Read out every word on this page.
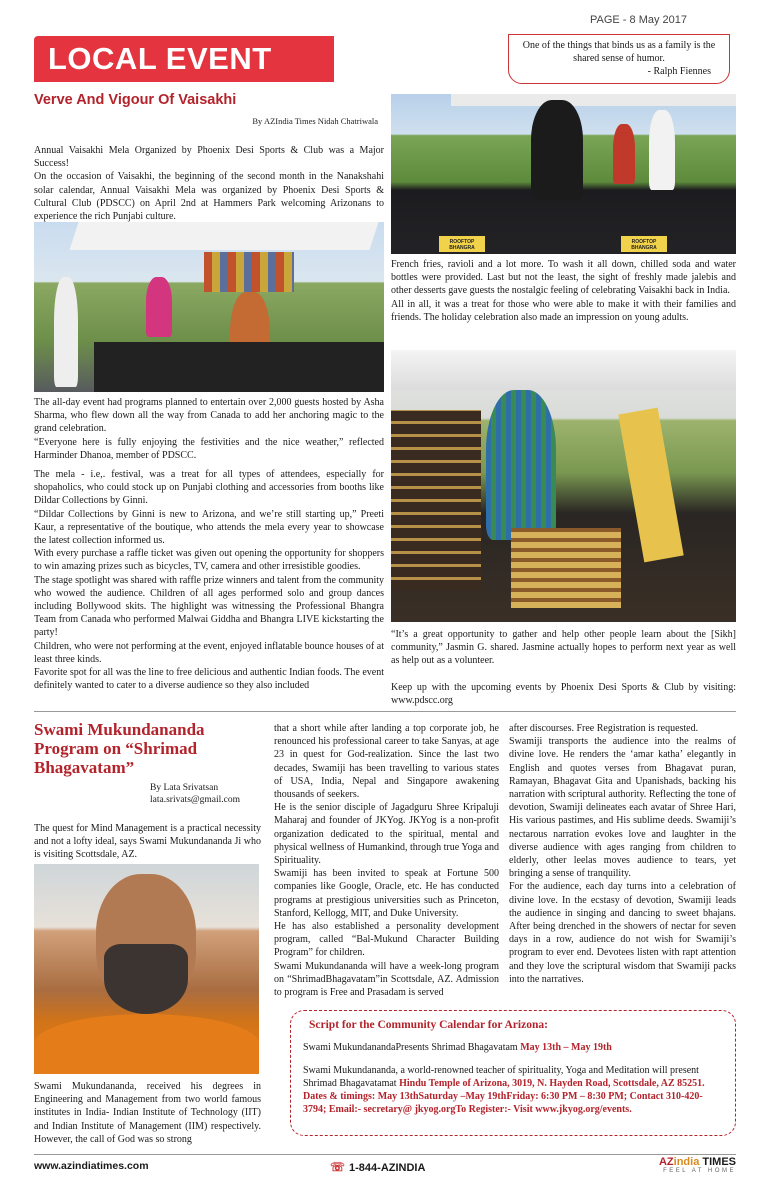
PAGE - 8 May 2017
LOCAL EVENT	One of the things that binds us as a family is the shared sense of humor.
- Ralph Fiennes
Verve And Vigour Of Vaisakhi
By AZIndia Times Nidah Chatriwala

Annual Vaisakhi Mela Organized by Phoenix Desi Sports & Club was a Major Success!

On the occasion of Vaisakhi, the beginning of the second month in the Nanakshahi solar calendar, Annual Vaisakhi Mela was organized by Phoenix Desi Sports & Cultural Club (PDSCC) on April 2nd at Hammers Park welcoming Arizonans to experience the rich Punjabi culture.

The all-day event had programs planned to entertain over 2,000 guests hosted by Asha Sharma, who flew down all the way from Canada to add her anchoring magic to the grand celebration.

“Everyone here is fully enjoying the festivities and the nice weather,” reflected Harminder Dhanoa, member of PDSCC.

The mela - i.e,. festival, was a treat for all types of attendees, especially for shopaholics, who could stock up on Punjabi clothing and accessories from booths like Dildar Collections by Ginni.

“Dildar Collections by Ginni is new to Arizona, and we’re still starting up,” Preeti Kaur, a representative of the boutique, who attends the mela every year to showcase the latest collection informed us.

With every purchase a raffle ticket was given out opening the opportunity for shoppers to win amazing prizes such as bicycles, TV, camera and other irresistible goodies.

The stage spotlight was shared with raffle prize winners and talent from the community who wowed the audience. Children of all ages performed solo and group dances including Bollywood skits. The highlight was witnessing the Professional Bhangra Team from Canada who performed Malwai Giddha and Bhangra LIVE kickstarting the party!

Children, who were not performing at the event, enjoyed inflatable bounce houses of at least three kinds.

Favorite spot for all was the line to free delicious and authentic Indian foods. The event definitely wanted to cater to a diverse audience so they also included

ROOFTOP BHANGRA
ROOFTOP BHANGRA

French fries, ravioli and a lot more. To wash it all down, chilled soda and water bottles were provided. Last but not the least, the sight of freshly made jalebis and other desserts gave guests the nostalgic feeling of celebrating Vaisakhi back in India.

All in all, it was a treat for those who were able to make it with their families and friends. The holiday celebration also made an impression on young adults.

“It’s a great opportunity to gather and help other people learn about the [Sikh] community,” Jasmin G. shared. Jasmine actually hopes to perform next year as well as help out as a volunteer.

Keep up with the upcoming events by Phoenix Desi Sports & Club by visiting: www.pdscc.org

Swami Mukundananda Program on “Shrimad Bhagavatam”
By Lata Srivatsan
lata.srivats@gmail.com

The quest for Mind Management is a practical necessity and not a lofty ideal, says Swami Mukundananda Ji who is visiting Scottsdale, AZ.

Swami Mukundananda, received his degrees in Engineering and Management from two world famous institutes in India- Indian Institute of Technology (IIT) and Indian Institute of Management (IIM) respectively. However, the call of God was so strong

that a short while after landing a top corporate job, he renounced his professional career to take Sanyas, at age 23 in quest for God-realization. Since the last two decades, Swamiji has been travelling to various states of USA, India, Nepal and Singapore awakening thousands of seekers.

He is the senior disciple of Jagadguru Shree Kripaluji Maharaj and founder of JKYog. JKYog is a non-profit organization dedicated to the spiritual, mental and physical wellness of Humankind, through true Yoga and Spirituality.

Swamiji has been invited to speak at Fortune 500 companies like Google, Oracle, etc. He has conducted programs at prestigious universities such as Princeton, Stanford, Kellogg, MIT, and Duke University.

He has also established a personality development program, called “Bal-Mukund Character Building Program” for children.

Swami Mukundananda will have a week-long program on “ShrimadBhagavatam”in Scottsdale, AZ. Admission to program is Free and Prasadam is served

after discourses. Free Registration is requested.

Swamiji transports the audience into the realms of divine love. He renders the ‘amar katha’ elegantly in English and quotes verses from Bhagavat puran, Ramayan, Bhagavat Gita and Upanishads, backing his narration with scriptural authority. Reflecting the tone of devotion, Swamiji delineates each avatar of Shree Hari, His various pastimes, and His sublime deeds. Swamiji’s nectarous narration evokes love and laughter in the diverse audience with ages ranging from children to elderly, other leelas moves audience to tears, yet bringing a sense of tranquility.

For the audience, each day turns into a celebration of divine love. In the ecstasy of devotion, Swamiji leads the audience in singing and dancing to sweet bhajans. After being drenched in the showers of nectar for seven days in a row, audience do not wish for Swamiji’s program to ever end. Devotees listen with rapt attention and they love the scriptural wisdom that Swamiji packs into the narratives.

Script for the Community Calendar for Arizona:
Swami MukundanandaPresents Shrimad Bhagavatam May 13th – May 19th
Swami Mukundananda, a world-renowned teacher of spirituality, Yoga and Meditation will present Shrimad Bhagavatamat Hindu Temple of Arizona, 3019, N. Hayden Road, Scottsdale, AZ 85251. Dates & timings: May 13thSaturday –May 19thFriday: 6:30 PM – 8:30 PM; Contact 310-420-3794; Email:- secretary@ jkyog.orgTo Register:- Visit www.jkyog.org/events.
www.azindiatimes.com	☏ 1-844-AZINDIA	AZindia TIMES
FEEL AT HOME
